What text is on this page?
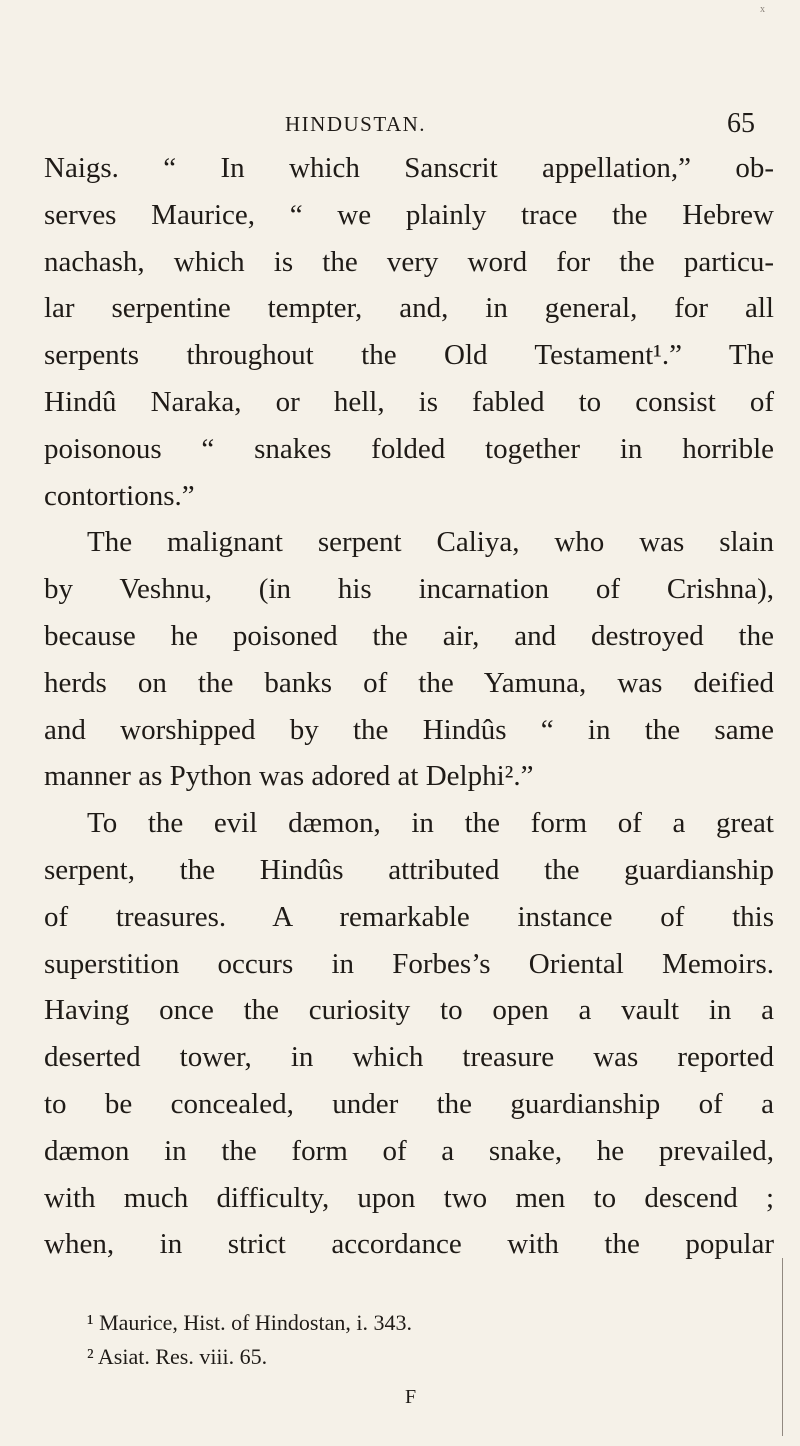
x
HINDUSTAN.	65
Naigs. “ In which Sanscrit appellation,” ob-
serves Maurice, “ we plainly trace the Hebrew
nachash, which is the very word for the particu-
lar serpentine tempter, and, in general, for all
serpents throughout the Old Testament¹.” The
Hindû Naraka, or hell, is fabled to consist of
poisonous “ snakes folded together in horrible
contortions.”
The malignant serpent Caliya, who was slain
by Veshnu, (in his incarnation of Crishna),
because he poisoned the air, and destroyed the
herds on the banks of the Yamuna, was deified
and worshipped by the Hindûs “ in the same
manner as Python was adored at Delphi².”
To the evil dæmon, in the form of a great
serpent, the Hindûs attributed the guardianship
of treasures. A remarkable instance of this
superstition occurs in Forbes’s Oriental Memoirs.
Having once the curiosity to open a vault in a
deserted tower, in which treasure was reported
to be concealed, under the guardianship of a
dæmon in the form of a snake, he prevailed,
with much difficulty, upon two men to descend ;
when, in strict accordance with the popular
¹ Maurice, Hist. of Hindostan, i. 343.
² Asiat. Res. viii. 65.
F
